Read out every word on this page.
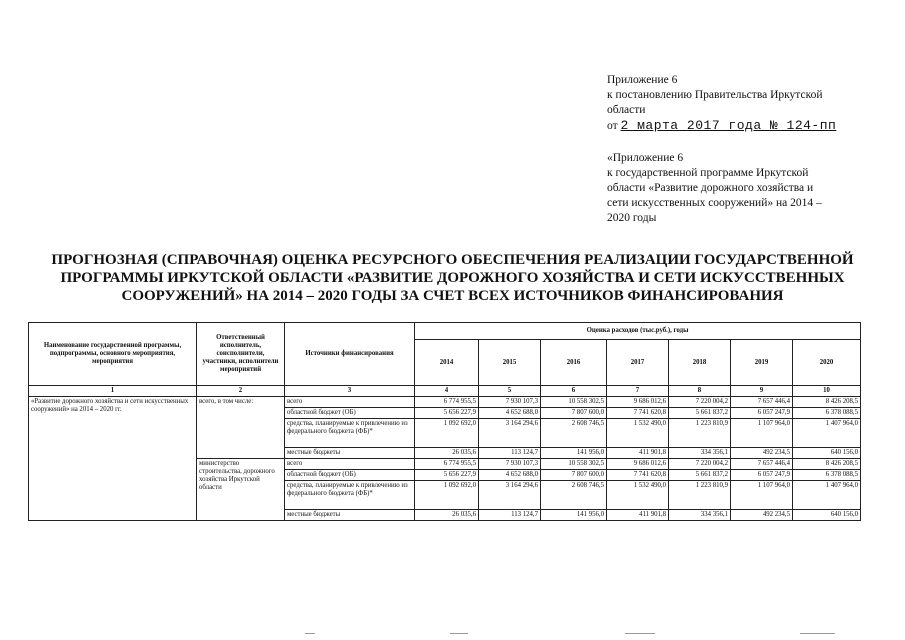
Приложение 6
к постановлению Правительства Иркутской
области
от 2 марта 2017 года № 124-пп
«Приложение 6
к государственной программе Иркутской
области «Развитие дорожного хозяйства и
сети искусственных сооружений» на 2014 –
2020 годы
ПРОГНОЗНАЯ (СПРАВОЧНАЯ) ОЦЕНКА РЕСУРСНОГО ОБЕСПЕЧЕНИЯ РЕАЛИЗАЦИИ ГОСУДАРСТВЕННОЙ ПРОГРАММЫ ИРКУТСКОЙ ОБЛАСТИ «РАЗВИТИЕ ДОРОЖНОГО ХОЗЯЙСТВА И СЕТИ ИСКУССТВЕННЫХ СООРУЖЕНИЙ» НА 2014 – 2020 ГОДЫ ЗА СЧЕТ ВСЕХ ИСТОЧНИКОВ ФИНАНСИРОВАНИЯ
Наименование государственной программы, подпрограммы, основного мероприятия, мероприятия	Ответственный исполнитель, соисполнители, участники, исполнители мероприятий	Источники финансирования	Оценка расходов (тыс.руб.), годы						
			2014	2015	2016	2017	2018	2019	2020
1	2	3	4	5	6	7	8	9	10
«Развитие дорожного хозяйства и сети искусственных сооружений» на 2014 – 2020 гг.	всего, в том числе:	всего	6 774 955,5	7 930 107,3	10 558 302,5	9 686 012,6	7 220 004,2	7 657 446,4	8 426 208,5
		областной бюджет (ОБ)	5 656 227,9	4 652 688,0	7 807 600,0	7 741 620,8	5 661 837,2	6 057 247,9	6 378 088,5
		средства, планируемые к привлечению из федерального бюджета (ФБ)*	1 092 692,0	3 164 294,6	2 608 746,5	1 532 490,0	1 223 810,9	1 107 964,0	1 407 964,0
		местные бюджеты	26 035,6	113 124,7	141 956,0	411 901,8	334 356,1	492 234,5	640 156,0
	министерство строительства, дорожного хозяйства Иркутской области	всего	6 774 955,5	7 930 107,3	10 558 302,5	9 686 012,6	7 220 004,2	7 657 446,4	8 426 208,5
		областной бюджет (ОБ)	5 656 227,9	4 652 688,0	7 807 600,0	7 741 620,8	5 661 837,2	6 057 247,9	6 378 088,5
		средства, планируемые к привлечению из федерального бюджета (ФБ)*	1 092 692,0	3 164 294,6	2 608 746,5	1 532 490,0	1 223 810,9	1 107 964,0	1 407 964,0
		местные бюджеты	26 035,6	113 124,7	141 956,0	411 901,8	334 356,1	492 234,5	640 156,0
